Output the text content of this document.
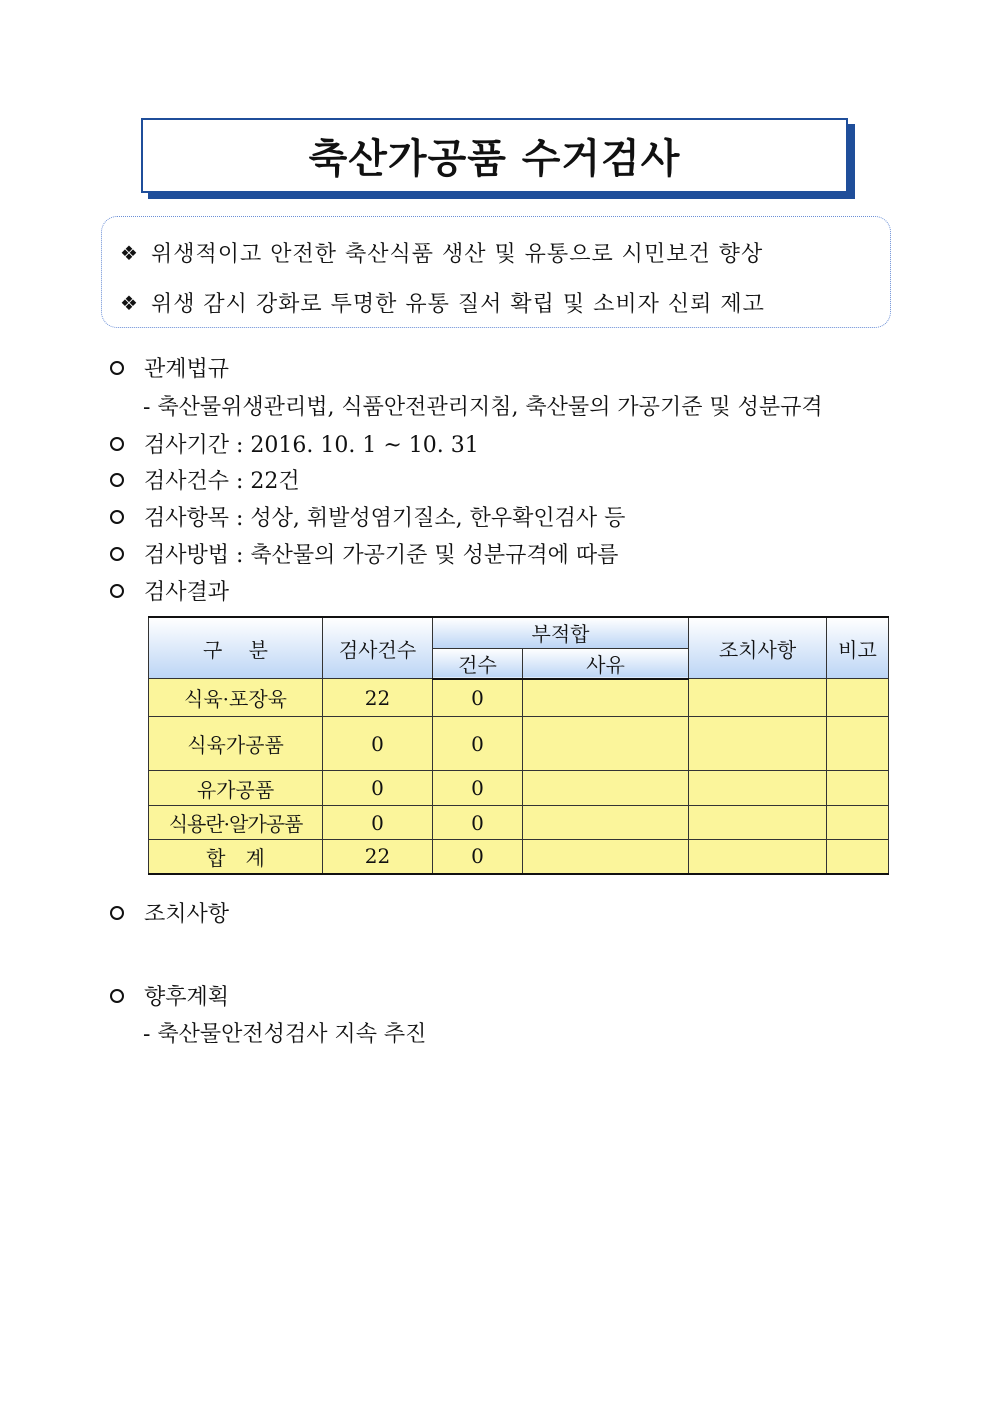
축산가공품 수거검사
❖ 위생적이고 안전한 축산식품 생산 및 유통으로 시민보건 향상
❖ 위생 감시 강화로 투명한 유통 질서 확립 및 소비자 신뢰 제고
관계법규
- 축산물위생관리법, 식품안전관리지침, 축산물의 가공기준 및 성분규격
검사기간 : 2016. 10. 1 ~ 10. 31
검사건수 : 22건
검사항목 : 성상, 휘발성염기질소, 한우확인검사 등
검사방법 : 축산물의 가공기준 및 성분규격에 따름
검사결과
구　 분	검사건수	부적합		조치사항	비고
		건수	사유		
식육·포장육	22	0			
식육가공품	0	0			
유가공품	0	0			
식용란·알가공품	0	0			
합　계	22	0			
조치사항
향후계획
- 축산물안전성검사 지속 추진
